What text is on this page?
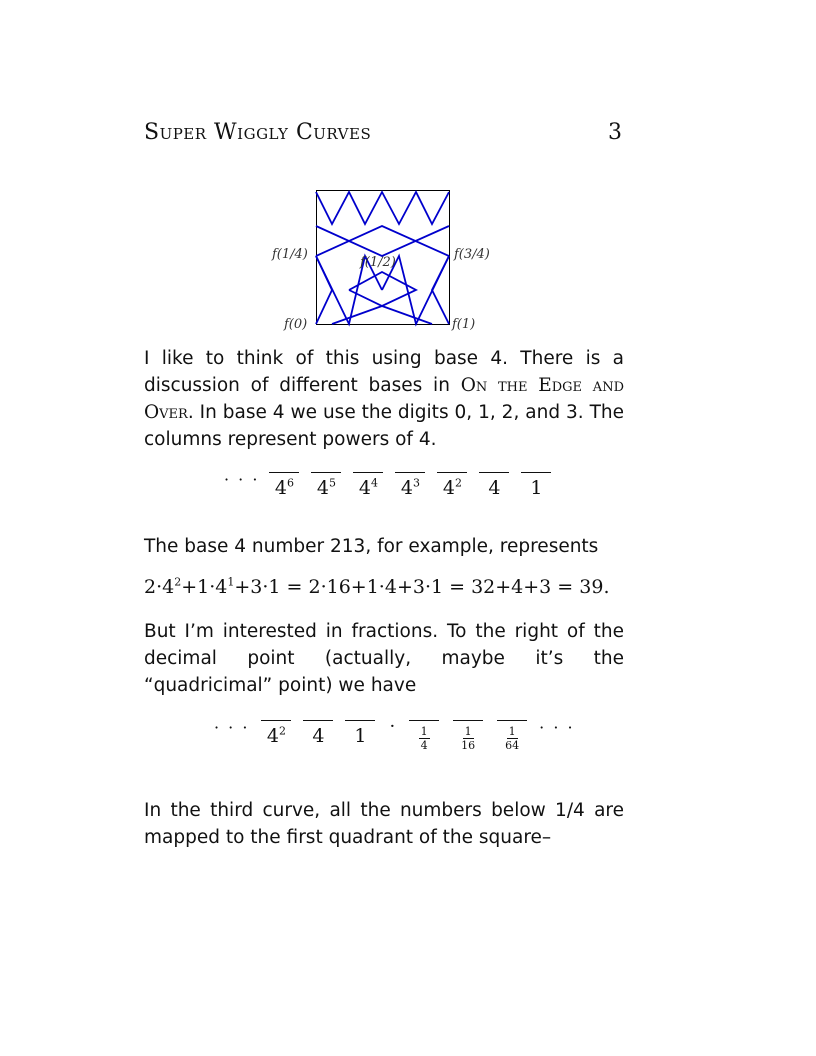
Super Wiggly Curves	3
f(1/4)	f(3/4)
f(1/2)
f(0)	f(1)
I like to think of this using base 4. There is a discussion of different bases in On the Edge and Over. In base 4 we use the digits 0, 1, 2, and 3. The columns represent powers of 4.
· · · $4^6$ $4^5$ $4^4$ $4^3$ $4^2$ 4 1
The base 4 number 213, for example, represents
$2\cdot 4^2+1\cdot 4^1+3\cdot 1 = 2\cdot 16+1\cdot 4+3\cdot 1 = 32+4+3 = 39$.
But I’m interested in fractions. To the right of the decimal point (actually, maybe it’s the “quadricimal” point) we have
· · · $4^2$ 4 $1 \cdot \frac{1}{4}$	$\frac{1}{16}$	$\frac{1}{64}$ · · ·
In the third curve, all the numbers below 1/4 are mapped to the first quadrant of the square–
